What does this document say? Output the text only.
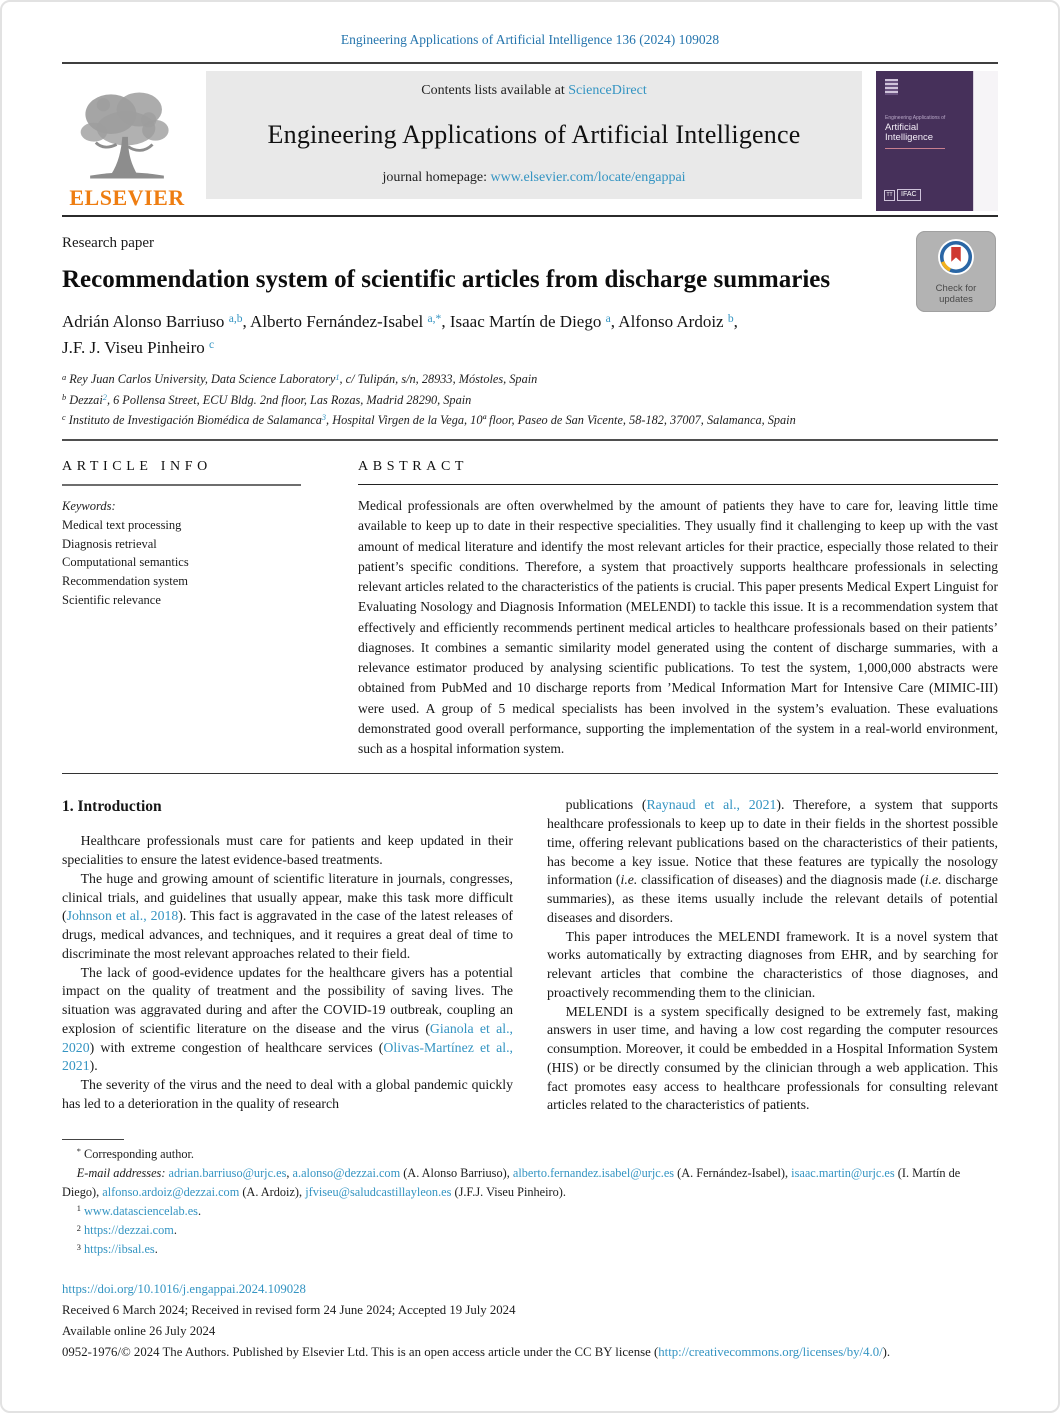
Engineering Applications of Artificial Intelligence 136 (2024) 109028
ELSEVIER
Contents lists available at ScienceDirect
Engineering Applications of Artificial Intelligence
journal homepage: www.elsevier.com/locate/engappai
Engineering Applications of
Artificial
Intelligence
TT	IFAC
Research paper
Recommendation system of scientific articles from discharge summaries	Check for
updates
Adrián Alonso Barriuso $^{a,b}$, Alberto Fernández-Isabel $^{a,*}$, Isaac Martín de Diego $^a$, Alfonso Ardoiz $^b$,
J.F. J. Viseu Pinheiro $^c$
$^a$ Rey Juan Carlos University, Data Science Laboratory$^1$, c/ Tulipán, s/n, 28933, Móstoles, Spain
$^b$ Dezzai$^2$, 6 Pollensa Street, ECU Bldg. 2nd floor, Las Rozas, Madrid 28290, Spain
$^c$ Instituto de Investigación Biomédica de Salamanca$^3$, Hospital Virgen de la Vega, 10ª floor, Paseo de San Vicente, 58-182, 37007, Salamanca, Spain
ARTICLE INFO
Keywords:
Medical text processing
Diagnosis retrieval
Computational semantics
Recommendation system
Scientific relevance
ABSTRACT
Medical professionals are often overwhelmed by the amount of patients they have to care for, leaving little time available to keep up to date in their respective specialities. They usually find it challenging to keep up with the vast amount of medical literature and identify the most relevant articles for their practice, especially those related to their patient’s specific conditions. Therefore, a system that proactively supports healthcare professionals in selecting relevant articles related to the characteristics of the patients is crucial. This paper presents Medical Expert Linguist for Evaluating Nosology and Diagnosis Information (MELENDI) to tackle this issue. It is a recommendation system that effectively and efficiently recommends pertinent medical articles to healthcare professionals based on their patients’ diagnoses. It combines a semantic similarity model generated using the content of discharge summaries, with a relevance estimator produced by analysing scientific publications. To test the system, 1,000,000 abstracts were obtained from PubMed and 10 discharge reports from ’Medical Information Mart for Intensive Care (MIMIC-III) were used. A group of 5 medical specialists has been involved in the system’s evaluation. These evaluations demonstrated good overall performance, supporting the implementation of the system in a real-world environment, such as a hospital information system.
1. Introduction

Healthcare professionals must care for patients and keep updated in their specialities to ensure the latest evidence-based treatments.

The huge and growing amount of scientific literature in journals, congresses, clinical trials, and guidelines that usually appear, make this task more difficult (Johnson et al., 2018). This fact is aggravated in the case of the latest releases of drugs, medical advances, and techniques, and it requires a great deal of time to discriminate the most relevant approaches related to their field.

The lack of good-evidence updates for the healthcare givers has a potential impact on the quality of treatment and the possibility of saving lives. The situation was aggravated during and after the COVID-19 outbreak, coupling an explosion of scientific literature on the disease and the virus (Gianola et al., 2020) with extreme congestion of healthcare services (Olivas-Martínez et al., 2021).

The severity of the virus and the need to deal with a global pandemic quickly has led to a deterioration in the quality of research

publications (Raynaud et al., 2021). Therefore, a system that supports healthcare professionals to keep up to date in their fields in the shortest possible time, offering relevant publications based on the characteristics of their patients, has become a key issue. Notice that these features are typically the nosology information (i.e. classification of diseases) and the diagnosis made (i.e. discharge summaries), as these items usually include the relevant details of potential diseases and disorders.

This paper introduces the MELENDI framework. It is a novel system that works automatically by extracting diagnoses from EHR, and by searching for relevant articles that combine the characteristics of those diagnoses, and proactively recommending them to the clinician.

MELENDI is a system specifically designed to be extremely fast, making answers in user time, and having a low cost regarding the computer resources consumption. Moreover, it could be embedded in a Hospital Information System (HIS) or be directly consumed by the clinician through a web application. This fact promotes easy access to healthcare professionals for consulting relevant articles related to the characteristics of patients.

* Corresponding author.

E-mail addresses: adrian.barriuso@urjc.es, a.alonso@dezzai.com (A. Alonso Barriuso), alberto.fernandez.isabel@urjc.es (A. Fernández-Isabel), isaac.martin@urjc.es (I. Martín de Diego), alfonso.ardoiz@dezzai.com (A. Ardoiz), jfviseu@saludcastillayleon.es (J.F.J. Viseu Pinheiro).

$^1$ www.datasciencelab.es.

$^2$ https://dezzai.com.

$^3$ https://ibsal.es.

https://doi.org/10.1016/j.engappai.2024.109028

Received 6 March 2024; Received in revised form 24 June 2024; Accepted 19 July 2024

Available online 26 July 2024

0952-1976/© 2024 The Authors. Published by Elsevier Ltd. This is an open access article under the CC BY license (http://creativecommons.org/licenses/by/4.0/).
